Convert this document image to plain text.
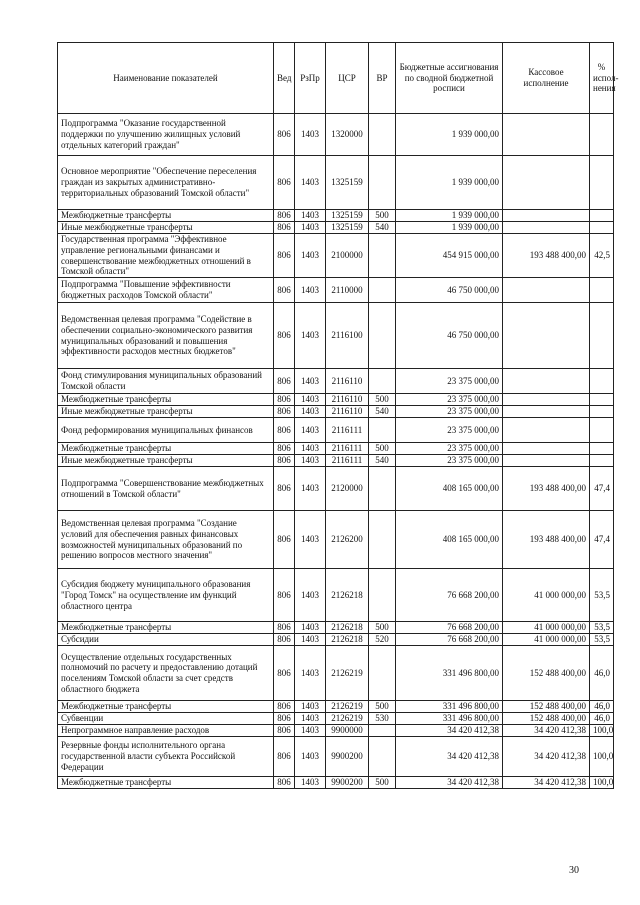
Наименование показателей	Вед	РзПр	ЦСР	ВР	Бюджетные ассигнования по сводной бюджетной росписи	Кассовое исполнение	% испол-нения
Подпрограмма "Оказание государственной поддержки по улучшению жилищных условий отдельных категорий граждан"	806	1403	1320000		1 939 000,00		
Основное мероприятие "Обеспечение переселения граждан из закрытых административно-территориальных образований Томской области"	806	1403	1325159		1 939 000,00		
Межбюджетные трансферты	806	1403	1325159	500	1 939 000,00		
Иные межбюджетные трансферты	806	1403	1325159	540	1 939 000,00		
Государственная программа "Эффективное управление региональными финансами и совершенствование межбюджетных отношений в Томской области"	806	1403	2100000		454 915 000,00	193 488 400,00	42,5
Подпрограмма "Повышение эффективности бюджетных расходов Томской области"	806	1403	2110000		46 750 000,00		
Ведомственная целевая программа "Содействие в обеспечении социально-экономического развития муниципальных образований и повышения эффективности расходов местных бюджетов"	806	1403	2116100		46 750 000,00		
Фонд стимулирования муниципальных образований Томской области	806	1403	2116110		23 375 000,00		
Межбюджетные трансферты	806	1403	2116110	500	23 375 000,00		
Иные межбюджетные трансферты	806	1403	2116110	540	23 375 000,00		
Фонд реформирования муниципальных финансов	806	1403	2116111		23 375 000,00		
Межбюджетные трансферты	806	1403	2116111	500	23 375 000,00		
Иные межбюджетные трансферты	806	1403	2116111	540	23 375 000,00		
Подпрограмма "Совершенствование межбюджетных отношений в Томской области"	806	1403	2120000		408 165 000,00	193 488 400,00	47,4
Ведомственная целевая программа "Создание условий для обеспечения равных финансовых возможностей муниципальных образований по решению вопросов местного значения"	806	1403	2126200		408 165 000,00	193 488 400,00	47,4
Субсидия бюджету муниципального образования "Город Томск" на осуществление им функций областного центра	806	1403	2126218		76 668 200,00	41 000 000,00	53,5
Межбюджетные трансферты	806	1403	2126218	500	76 668 200,00	41 000 000,00	53,5
Субсидии	806	1403	2126218	520	76 668 200,00	41 000 000,00	53,5
Осуществление отдельных государственных полномочий по расчету и предоставлению дотаций поселениям Томской области за счет средств областного бюджета	806	1403	2126219		331 496 800,00	152 488 400,00	46,0
Межбюджетные трансферты	806	1403	2126219	500	331 496 800,00	152 488 400,00	46,0
Субвенции	806	1403	2126219	530	331 496 800,00	152 488 400,00	46,0
Непрограммное направление расходов	806	1403	9900000		34 420 412,38	34 420 412,38	100,0
Резервные фонды исполнительного органа государственной власти субъекта Российской Федерации	806	1403	9900200		34 420 412,38	34 420 412,38	100,0
Межбюджетные трансферты	806	1403	9900200	500	34 420 412,38	34 420 412,38	100,0
30
